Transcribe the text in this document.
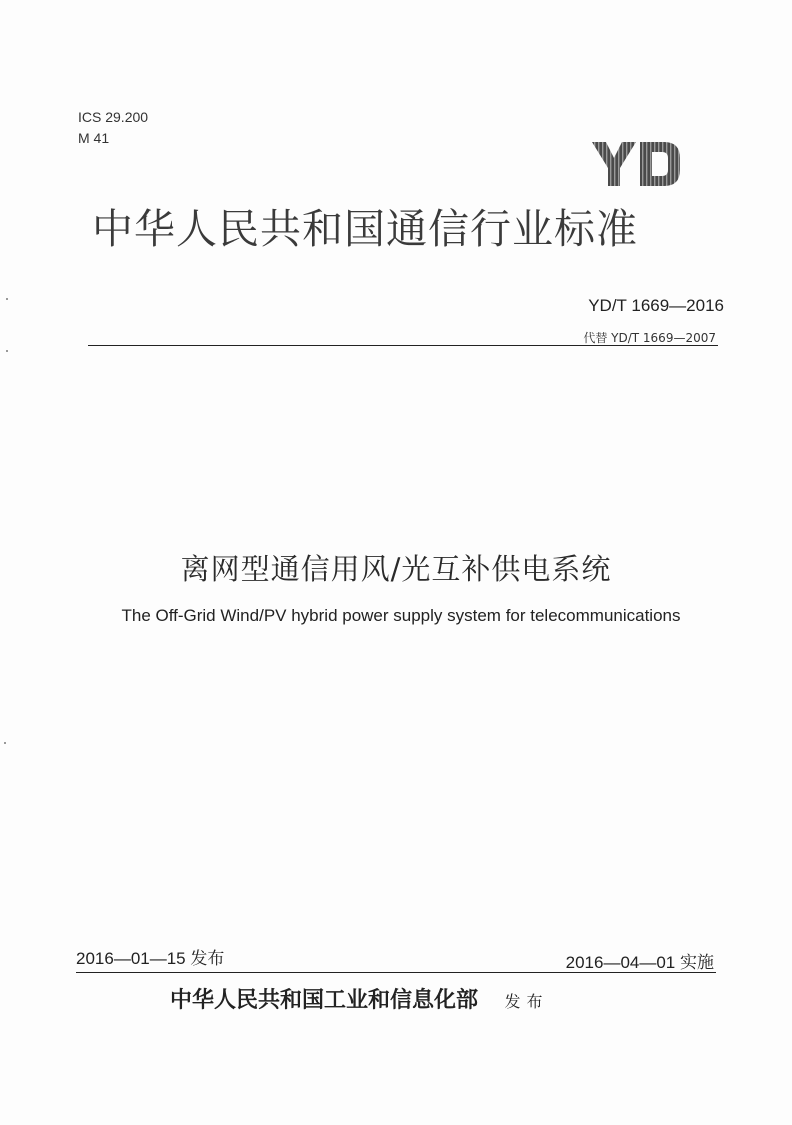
ICS 29.200
M 41
中华人民共和国通信行业标准
YD/T 1669—2016
代替 YD/T 1669—2007
离网型通信用风/光互补供电系统
The Off-Grid Wind/PV hybrid power supply system for telecommunications
2016—01—15 发布	2016—04—01 实施
中华人民共和国工业和信息化部 发布
